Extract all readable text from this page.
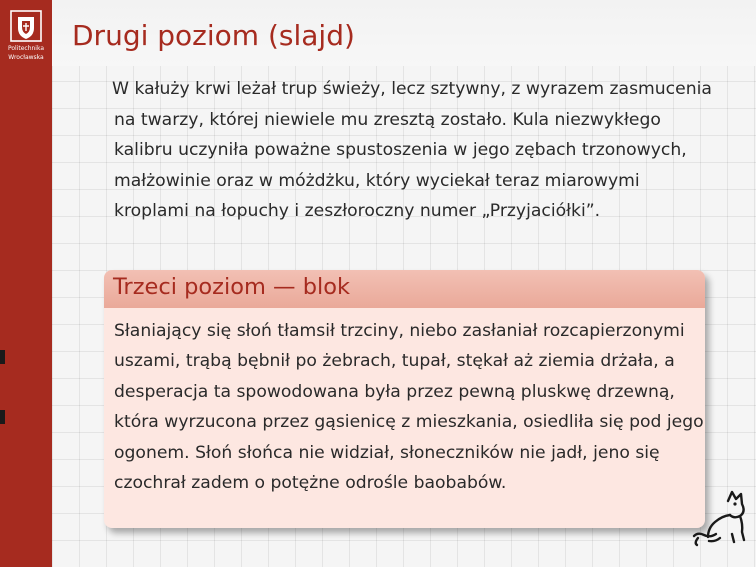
Politechnika
Wrocławska
Drugi poziom (slajd)

W kałuży krwi leżał trup świeży, lecz sztywny, z wyrazem zasmucenia na twarzy, której niewiele mu zresztą zostało. Kula niezwykłego kalibru uczyniła poważne spustoszenia w jego zębach trzonowych, małżowinie oraz w móżdżku, który wyciekał teraz miarowymi kroplami na łopuchy i zeszłoroczny numer „Przyjaciółki”.

Trzeci poziom — blok

Słaniający się słoń tłamsił trzciny, niebo zasłaniał rozcapierzonymi uszami, trąbą bębnił po żebrach, tupał, stękał aż ziemia drżała, a desperacja ta spowodowana była przez pewną pluskwę drzewną, która wyrzucona przez gąsienicę z mieszkania, osiedliła się pod jego ogonem. Słoń słońca nie widział, słoneczników nie jadł, jeno się czochrał zadem o potężne odrośle baobabów.
